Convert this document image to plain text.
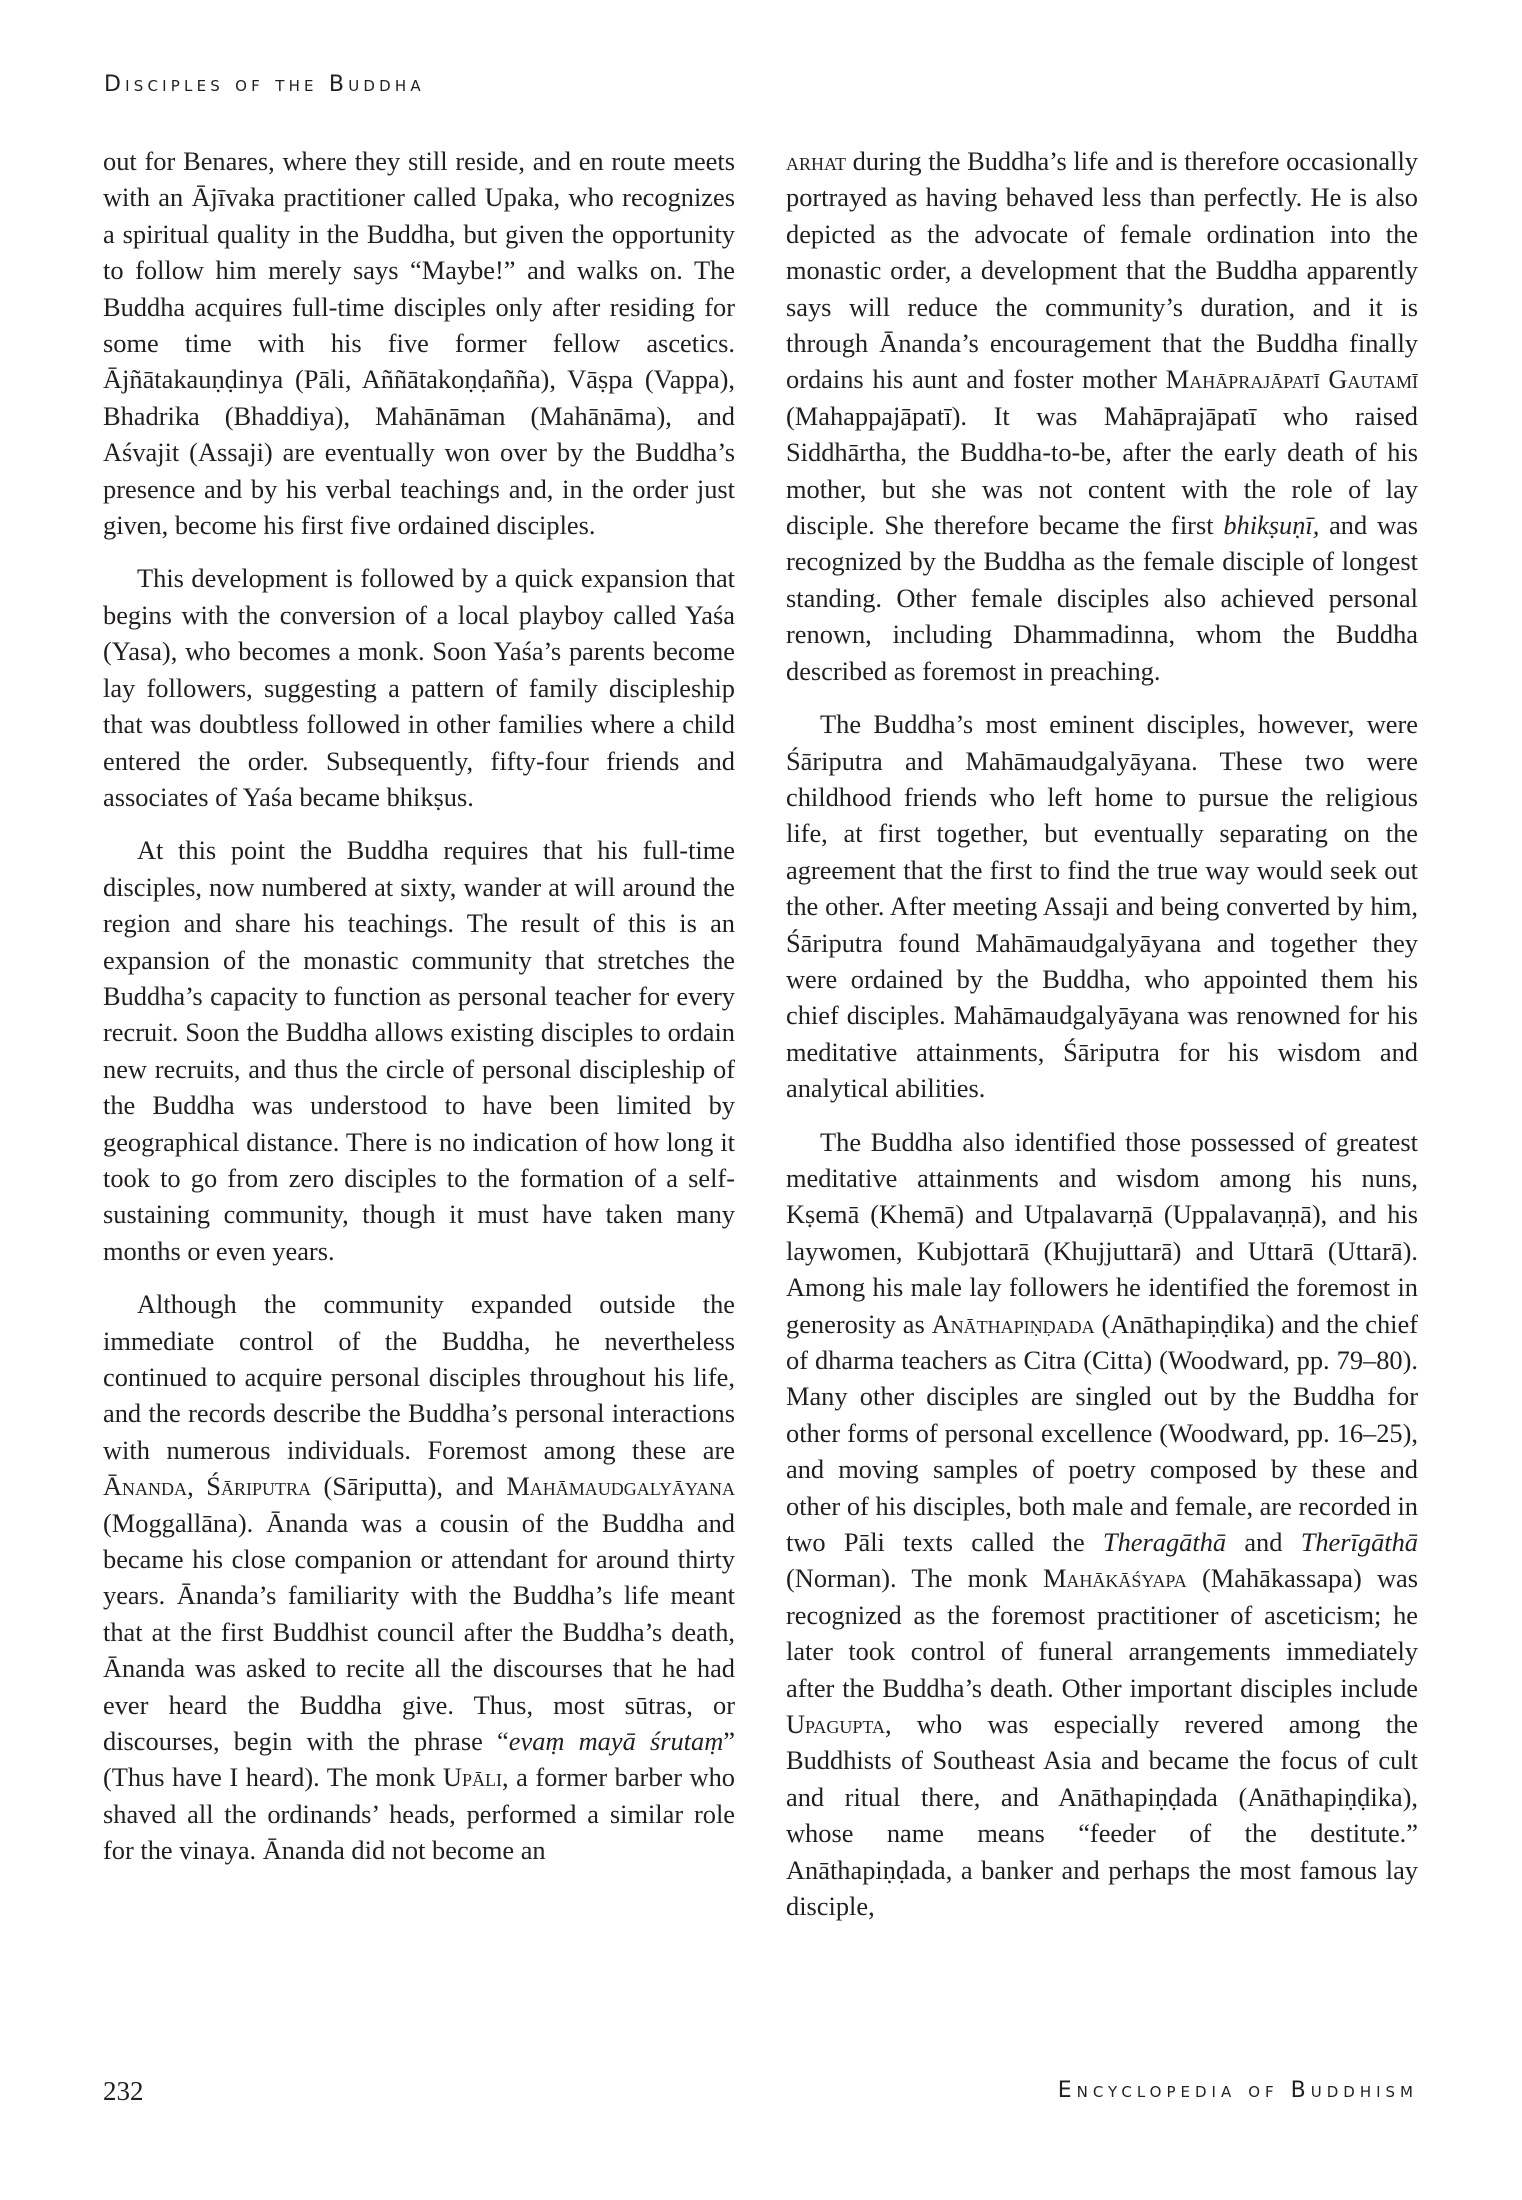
Disciples of the Buddha

out for Benares, where they still reside, and en route meets with an Ājīvaka practitioner called Upaka, who recognizes a spiritual quality in the Buddha, but given the opportunity to follow him merely says “Maybe!” and walks on. The Buddha acquires full-time disciples only after residing for some time with his five former fellow ascetics. Ājñātakauṇḍinya (Pāli, Aññātakoṇḍañña), Vāṣpa (Vappa), Bhadrika (Bhaddiya), Mahānāman (Mahānāma), and Aśvajit (Assaji) are eventually won over by the Buddha’s presence and by his verbal teachings and, in the order just given, become his first five ordained disciples.

This development is followed by a quick expansion that begins with the conversion of a local playboy called Yaśa (Yasa), who becomes a monk. Soon Yaśa’s parents become lay followers, suggesting a pattern of family discipleship that was doubtless followed in other families where a child entered the order. Subsequently, fifty-four friends and associates of Yaśa became bhikṣus.

At this point the Buddha requires that his full-time disciples, now numbered at sixty, wander at will around the region and share his teachings. The result of this is an expansion of the monastic community that stretches the Buddha’s capacity to function as personal teacher for every recruit. Soon the Buddha allows existing disciples to ordain new recruits, and thus the circle of personal discipleship of the Buddha was understood to have been limited by geographical distance. There is no indication of how long it took to go from zero disciples to the formation of a self-sustaining community, though it must have taken many months or even years.

Although the community expanded outside the immediate control of the Buddha, he nevertheless continued to acquire personal disciples throughout his life, and the records describe the Buddha’s personal interactions with numerous individuals. Foremost among these are Ānanda, Śāriputra (Sāriputta), and Mahāmaudgalyāyana (Moggallāna). Ānanda was a cousin of the Buddha and became his close companion or attendant for around thirty years. Ānanda’s familiarity with the Buddha’s life meant that at the first Buddhist council after the Buddha’s death, Ānanda was asked to recite all the discourses that he had ever heard the Buddha give. Thus, most sūtras, or discourses, begin with the phrase “evaṃ mayā śrutaṃ” (Thus have I heard). The monk Upāli, a former barber who shaved all the ordinands’ heads, performed a similar role for the vinaya. Ānanda did not become an

arhat during the Buddha’s life and is therefore occasionally portrayed as having behaved less than perfectly. He is also depicted as the advocate of female ordination into the monastic order, a development that the Buddha apparently says will reduce the community’s duration, and it is through Ānanda’s encouragement that the Buddha finally ordains his aunt and foster mother Mahāprajāpatī Gautamī (Mahappajāpatī). It was Mahāprajāpatī who raised Siddhārtha, the Buddha-to-be, after the early death of his mother, but she was not content with the role of lay disciple. She therefore became the first bhikṣuṇī, and was recognized by the Buddha as the female disciple of longest standing. Other female disciples also achieved personal renown, including Dhammadinna, whom the Buddha described as foremost in preaching.

The Buddha’s most eminent disciples, however, were Śāriputra and Mahāmaudgalyāyana. These two were childhood friends who left home to pursue the religious life, at first together, but eventually separating on the agreement that the first to find the true way would seek out the other. After meeting Assaji and being converted by him, Śāriputra found Mahāmaudgalyāyana and together they were ordained by the Buddha, who appointed them his chief disciples. Mahāmaudgalyāyana was renowned for his meditative attainments, Śāriputra for his wisdom and analytical abilities.

The Buddha also identified those possessed of greatest meditative attainments and wisdom among his nuns, Kṣemā (Khemā) and Utpalavarṇā (Uppalavaṇṇā), and his laywomen, Kubjottarā (Khujjuttarā) and Uttarā (Uttarā). Among his male lay followers he identified the foremost in generosity as Anāthapiṇḍada (Anāthapiṇḍika) and the chief of dharma teachers as Citra (Citta) (Woodward, pp. 79–80). Many other disciples are singled out by the Buddha for other forms of personal excellence (Woodward, pp. 16–25), and moving samples of poetry composed by these and other of his disciples, both male and female, are recorded in two Pāli texts called the Theragāthā and Therīgāthā (Norman). The monk Mahākāśyapa (Mahākassapa) was recognized as the foremost practitioner of asceticism; he later took control of funeral arrangements immediately after the Buddha’s death. Other important disciples include Upagupta, who was especially revered among the Buddhists of Southeast Asia and became the focus of cult and ritual there, and Anāthapiṇḍada (Anāthapiṇḍika), whose name means “feeder of the destitute.” Anāthapiṇḍada, a banker and perhaps the most famous lay disciple,

232	Encyclopedia of Buddhism
